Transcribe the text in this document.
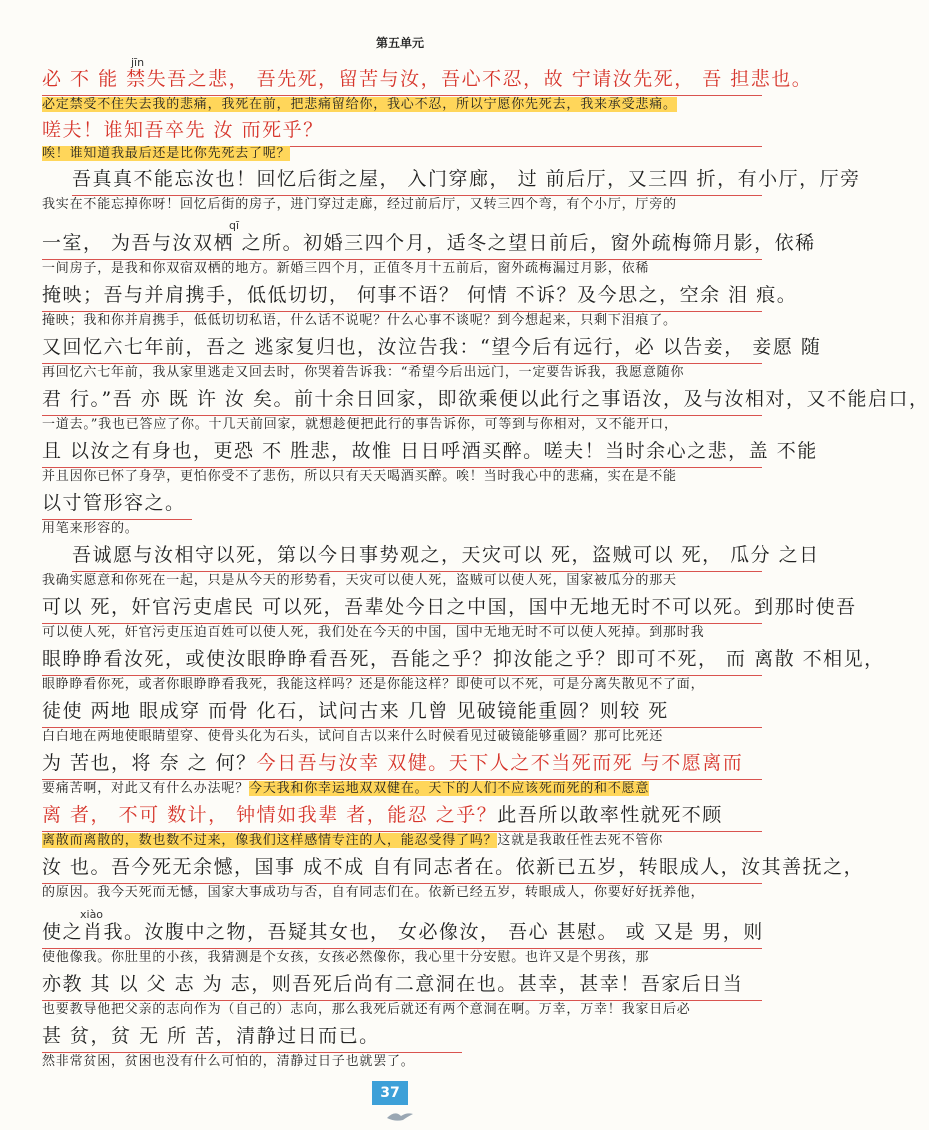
第五单元
jīn
必 不 能 禁失吾之悲， 吾先死，留苦与汝，吾心不忍，故 宁请汝先死， 吾 担悲也。
必定禁受不住失去我的悲痛，我死在前，把悲痛留给你，我心不忍，所以宁愿你先死去，我来承受悲痛。
嗟夫！谁知吾卒先 汝 而死乎？
唉！谁知道我最后还是比你先死去了呢？
吾真真不能忘汝也！回忆后街之屋， 入门穿廊， 过 前后厅，又三四 折，有小厅，厅旁
我实在不能忘掉你呀！回忆后街的房子，进门穿过走廊，经过前后厅，又转三四个弯，有个小厅，厅旁的
qī
一室， 为吾与汝双栖 之所。初婚三四个月，适冬之望日前后，窗外疏梅筛月影，依稀
一间房子，是我和你双宿双栖的地方。新婚三四个月，正值冬月十五前后，窗外疏梅漏过月影，依稀
掩映；吾与并肩携手，低低切切， 何事不语？ 何情 不诉？及今思之，空余 泪 痕。
掩映；我和你并肩携手，低低切切私语，什么话不说呢？什么心事不谈呢？到今想起来，只剩下泪痕了。
又回忆六七年前，吾之 逃家复归也，汝泣告我：“望今后有远行，必 以告妾， 妾愿 随
再回忆六七年前，我从家里逃走又回去时，你哭着告诉我：“希望今后出远门，一定要告诉我，我愿意随你
君 行。”吾 亦 既 许 汝 矣。前十余日回家，即欲乘便以此行之事语汝，及与汝相对，又不能启口，
一道去。”我也已答应了你。十几天前回家，就想趁便把此行的事告诉你，可等到与你相对，又不能开口，
且 以汝之有身也，更恐 不 胜悲，故惟 日日呼酒买醉。嗟夫！当时余心之悲，盖 不能
并且因你已怀了身孕，更怕你受不了悲伤，所以只有天天喝酒买醉。唉！当时我心中的悲痛，实在是不能
以寸管形容之。
用笔来形容的。
吾诚愿与汝相守以死，第以今日事势观之，天灾可以 死，盗贼可以 死， 瓜分 之日
我确实愿意和你死在一起，只是从今天的形势看，天灾可以使人死，盗贼可以使人死，国家被瓜分的那天
可以 死，奸官污吏虐民 可以死，吾辈处今日之中国，国中无地无时不可以死。到那时使吾
可以使人死，奸官污吏压迫百姓可以使人死，我们处在今天的中国，国中无地无时不可以使人死掉。到那时我
眼睁睁看汝死，或使汝眼睁睁看吾死，吾能之乎？抑汝能之乎？即可不死， 而 离散 不相见，
眼睁睁看你死，或者你眼睁睁看我死，我能这样吗？还是你能这样？即使可以不死，可是分离失散见不了面，
徒使 两地 眼成穿 而骨 化石，试问古来 几曾 见破镜能重圆？则较 死
白白地在两地使眼睛望穿、使骨头化为石头，试问自古以来什么时候看见过破镜能够重圆？那可比死还
为 苦也，将 奈 之 何？今日吾与汝幸 双健。天下人之不当死而死 与不愿离而
要痛苦啊，对此又有什么办法呢？今天我和你幸运地双双健在。天下的人们不应该死而死的和不愿意
离 者， 不可 数计， 钟情如我辈 者，能忍 之乎？此吾所以敢率性就死不顾
离散而离散的，数也数不过来，像我们这样感情专注的人，能忍受得了吗？这就是我敢任性去死不管你
汝 也。吾今死无余憾，国事 成不成 自有同志者在。依新已五岁，转眼成人，汝其善抚之，
的原因。我今天死而无憾，国家大事成功与否，自有同志们在。依新已经五岁，转眼成人，你要好好抚养他，
xiào
使之肖我。汝腹中之物，吾疑其女也， 女必像汝， 吾心 甚慰。 或 又是 男，则
使他像我。你肚里的小孩，我猜测是个女孩，女孩必然像你，我心里十分安慰。也许又是个男孩，那
亦教 其 以 父 志 为 志，则吾死后尚有二意洞在也。甚幸，甚幸！吾家后日当
也要教导他把父亲的志向作为（自己的）志向，那么我死后就还有两个意洞在啊。万幸，万幸！我家日后必
甚 贫，贫 无 所 苦，清静过日而已。
然非常贫困，贫困也没有什么可怕的，清静过日子也就罢了。
37
